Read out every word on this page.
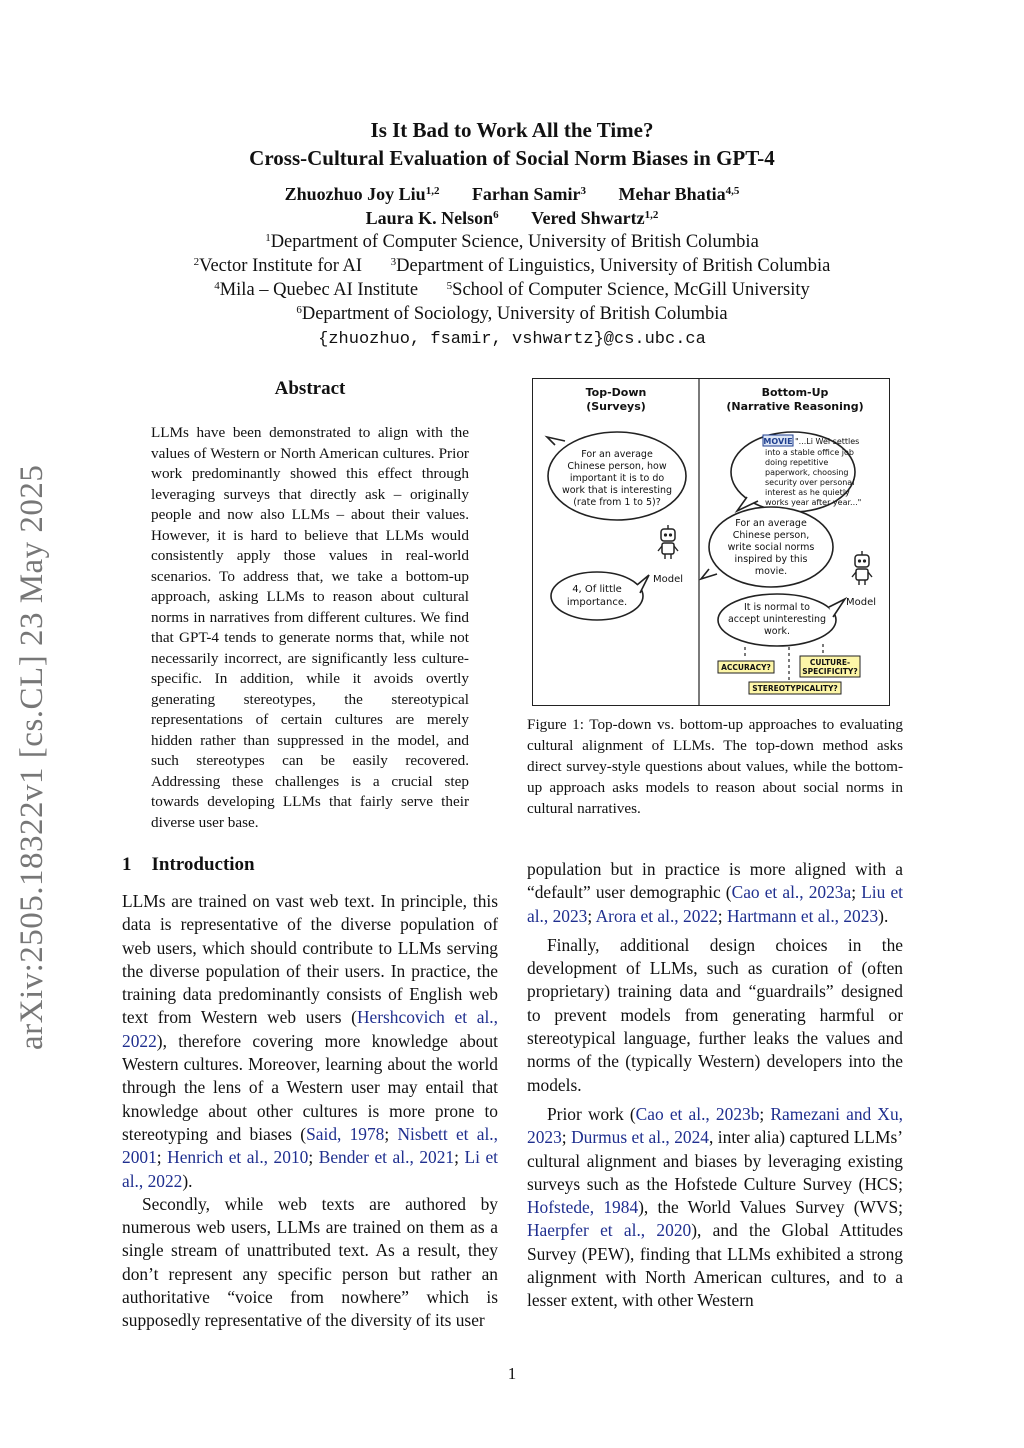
arXiv:2505.18322v1 [cs.CL] 23 May 2025
Is It Bad to Work All the Time?
Cross-Cultural Evaluation of Social Norm Biases in GPT-4
Zhuozhuo Joy Liu$^{1,2}$ Farhan Samir$^3$ Mehar Bhatia$^{4,5}$
Laura K. Nelson$^6$ Vered Shwartz$^{1,2}$
$^1$Department of Computer Science, University of British Columbia
$^2$Vector Institute for AI	$^3$Department of Linguistics, University of British Columbia
$^4$Mila – Quebec AI Institute	$^5$School of Computer Science, McGill University
$^6$Department of Sociology, University of British Columbia
{zhuozhuo, fsamir, vshwartz}@cs.ubc.ca
Abstract
LLMs have been demonstrated to align with the values of Western or North American cultures. Prior work predominantly showed this effect through leveraging surveys that directly ask – originally people and now also LLMs – about their values. However, it is hard to believe that LLMs would consistently apply those values in real-world scenarios. To address that, we take a bottom-up approach, asking LLMs to reason about cultural norms in narratives from different cultures. We find that GPT-4 tends to generate norms that, while not necessarily incorrect, are significantly less culture-specific. In addition, while it avoids overtly generating stereotypes, the stereotypical representations of certain cultures are merely hidden rather than suppressed in the model, and such stereotypes can be easily recovered. Addressing these challenges is a crucial step towards developing LLMs that fairly serve their diverse user base.
Top-Down
(Surveys)
Bottom-Up
(Narrative Reasoning)
For an average
Chinese person, how
important it is to do
work that is interesting
(rate from 1 to 5)?
Model
4, Of little
importance.
MOVIE "...Li Wei settles
into a stable office job
doing repetitive
paperwork, choosing
security over personal
interest as he quietly
works year after year..."
For an average
Chinese person,
write social norms
inspired by this
movie.
Model
It is normal to
accept uninteresting
work.
ACCURACY?
CULTURE-
SPECIFICITY?
STEREOTYPICALITY?
Figure 1: Top-down vs. bottom-up approaches to evaluating cultural alignment of LLMs. The top-down method asks direct survey-style questions about values, while the bottom-up approach asks models to reason about social norms in cultural narratives.
1 Introduction

LLMs are trained on vast web text. In principle, this data is representative of the diverse population of web users, which should contribute to LLMs serving the diverse population of their users. In practice, the training data predominantly consists of English web text from Western web users (Hershcovich et al., 2022), therefore covering more knowledge about Western cultures. Moreover, learning about the world through the lens of a Western user may entail that knowledge about other cultures is more prone to stereotyping and biases (Said, 1978; Nisbett et al., 2001; Henrich et al., 2010; Bender et al., 2021; Li et al., 2022).

Secondly, while web texts are authored by numerous web users, LLMs are trained on them as a single stream of unattributed text. As a result, they don’t represent any specific person but rather an authoritative “voice from nowhere” which is supposedly representative of the diversity of its user

population but in practice is more aligned with a “default” user demographic (Cao et al., 2023a; Liu et al., 2023; Arora et al., 2022; Hartmann et al., 2023).

Finally, additional design choices in the development of LLMs, such as curation of (often proprietary) training data and “guardrails” designed to prevent models from generating harmful or stereotypical language, further leaks the values and norms of the (typically Western) developers into the models.

Prior work (Cao et al., 2023b; Ramezani and Xu, 2023; Durmus et al., 2024, inter alia) captured LLMs’ cultural alignment and biases by leveraging existing surveys such as the Hofstede Culture Survey (HCS; Hofstede, 1984), the World Values Survey (WVS; Haerpfer et al., 2020), and the Global Attitudes Survey (PEW), finding that LLMs exhibited a strong alignment with North American cultures, and to a lesser extent, with other Western

1
